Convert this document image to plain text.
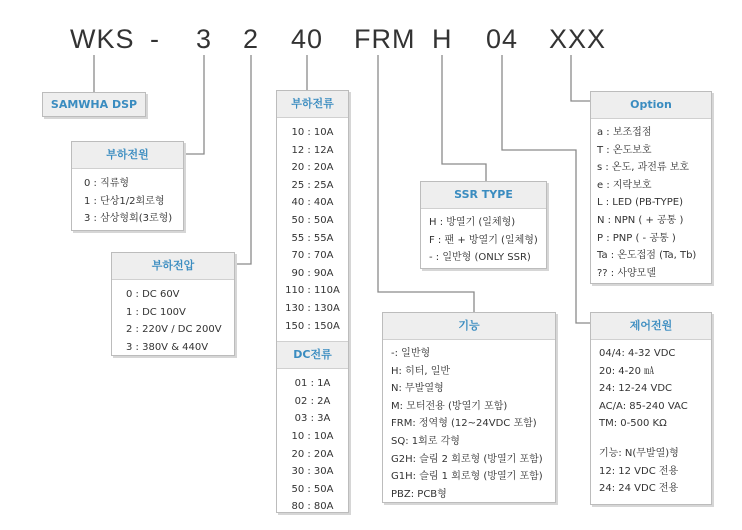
WKS - 3 2 40 FRM H 04 XXX
SAMWHA DSP
부하전원
0 : 직류형
1 : 단상1/2회로형
3 : 삼상형회(3로형)
부하전압
0 : DC 60V
1 : DC 100V
2 : 220V / DC 200V
3 : 380V & 440V
부하전류
10 : 10A
12 : 12A
20 : 20A
25 : 25A
40 : 40A
50 : 50A
55 : 55A
70 : 70A
90 : 90A
110 : 110A
130 : 130A
150 : 150A
DC전류
01 : 1A
02 : 2A
03 : 3A
10 : 10A
20 : 20A
30 : 30A
50 : 50A
80 : 80A
SSR TYPE
H : 방열기 (일체형)
F : 팬 + 방열기 (일체형)
- : 일반형 (ONLY SSR)
기능
-: 일반형
H: 히터, 일반
N: 무발열형
M: 모터전용 (방열기 포함)
FRM: 정역형 (12~24VDC 포함)
SQ: 1회로 각형
G2H: 슬림 2 회로형 (방열기 포함)
G1H: 슬림 1 회로형 (방열기 포함)
PBZ: PCB형
Option
a : 보조접점
T : 온도보호
s : 온도, 과전류 보호
e : 지락보호
L : LED (PB-TYPE)
N : NPN ( + 공통 )
P : PNP ( - 공통 )
Ta : 온도접점 (Ta, Tb)
?? : 사양모델
제어전원
04/4: 4-32 VDC
20: 4-20 ㎃
24: 12-24 VDC
AC/A: 85-240 VAC
TM: 0-500 KΩ
기능: N(무발열)형
12: 12 VDC 전용
24: 24 VDC 전용
